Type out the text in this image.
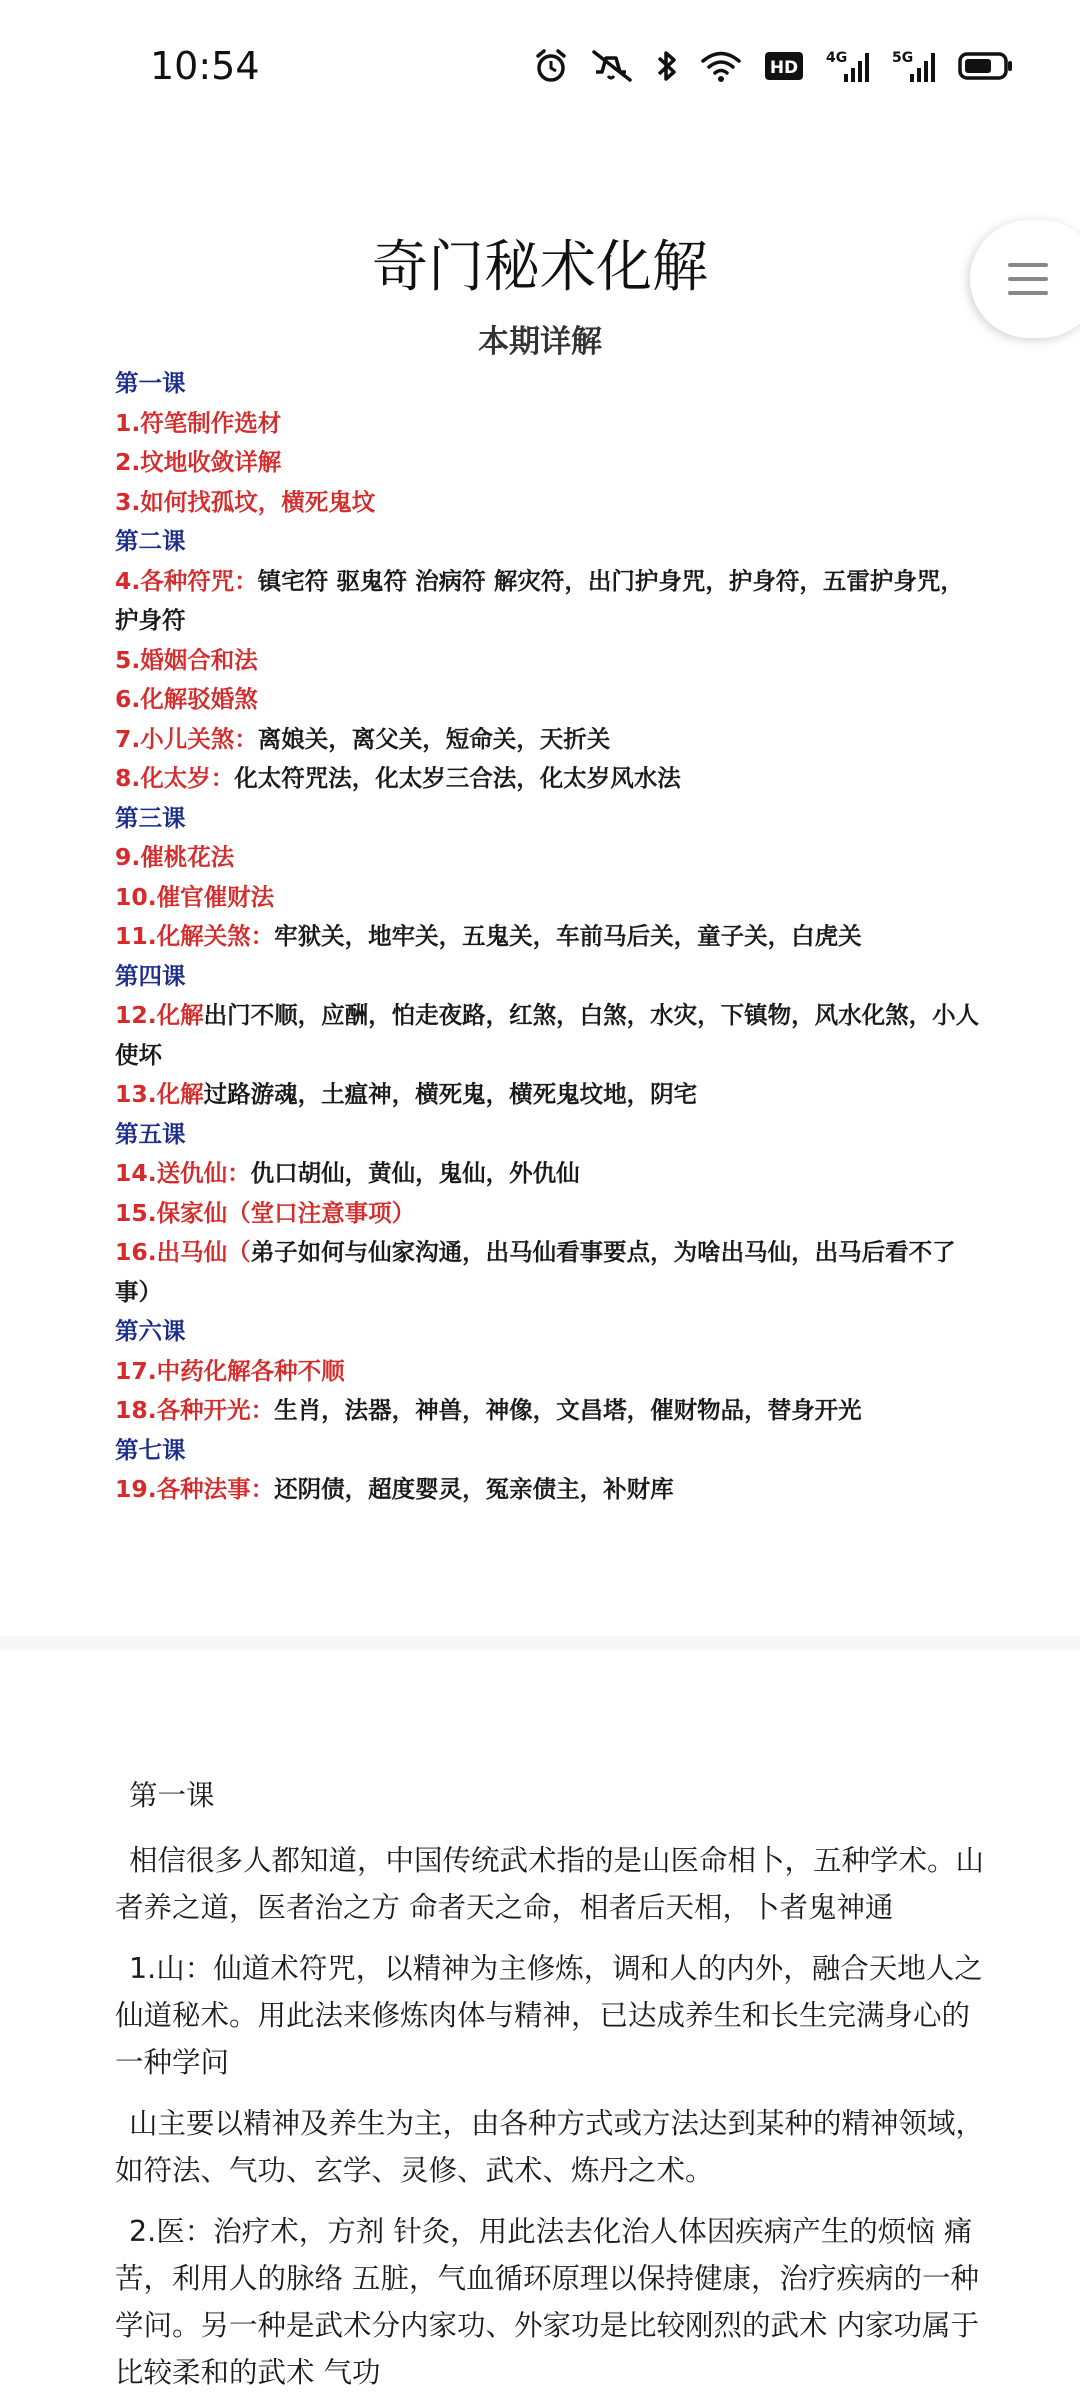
10:54	HD 4G	5G
奇门秘术化解
本期详解
第一课
1.符笔制作选材
2.坟地收敛详解
3.如何找孤坟，横死鬼坟
第二课
4.各种符咒：镇宅符 驱鬼符 治病符 解灾符，出门护身咒，护身符，五雷护身咒，护身符
5.婚姻合和法
6.化解驳婚煞
7.小儿关煞：离娘关，离父关，短命关，天折关
8.化太岁：化太符咒法，化太岁三合法，化太岁风水法
第三课
9.催桃花法
10.催官催财法
11.化解关煞：牢狱关，地牢关，五鬼关，车前马后关，童子关，白虎关
第四课
12.化解出门不顺，应酬，怕走夜路，红煞，白煞，水灾，下镇物，风水化煞，小人使坏
13.化解过路游魂，土瘟神，横死鬼，横死鬼坟地，阴宅
第五课
14.送仇仙：仇口胡仙，黄仙，鬼仙，外仇仙
15.保家仙（堂口注意事项）
16.出马仙（弟子如何与仙家沟通，出马仙看事要点，为啥出马仙，出马后看不了事）
第六课
17.中药化解各种不顺
18.各种开光：生肖，法器，神兽，神像，文昌塔，催财物品，替身开光
第七课
19.各种法事：还阴债，超度婴灵，冤亲债主，补财库
第一课
相信很多人都知道，中国传统武术指的是山医命相卜，五种学术。山者养之道，医者治之方 命者天之命，相者后天相，卜者鬼神通
1.山：仙道术符咒，以精神为主修炼，调和人的内外，融合天地人之仙道秘术。用此法来修炼肉体与精神，已达成养生和长生完满身心的一种学问
山主要以精神及养生为主，由各种方式或方法达到某种的精神领域，如符法、气功、玄学、灵修、武术、炼丹之术。
2.医：治疗术，方剂 针灸，用此法去化治人体因疾病产生的烦恼 痛苦，利用人的脉络 五脏，气血循环原理以保持健康，治疗疾病的一种学问。另一种是武术分内家功、外家功是比较刚烈的武术 内家功属于比较柔和的武术 气功
